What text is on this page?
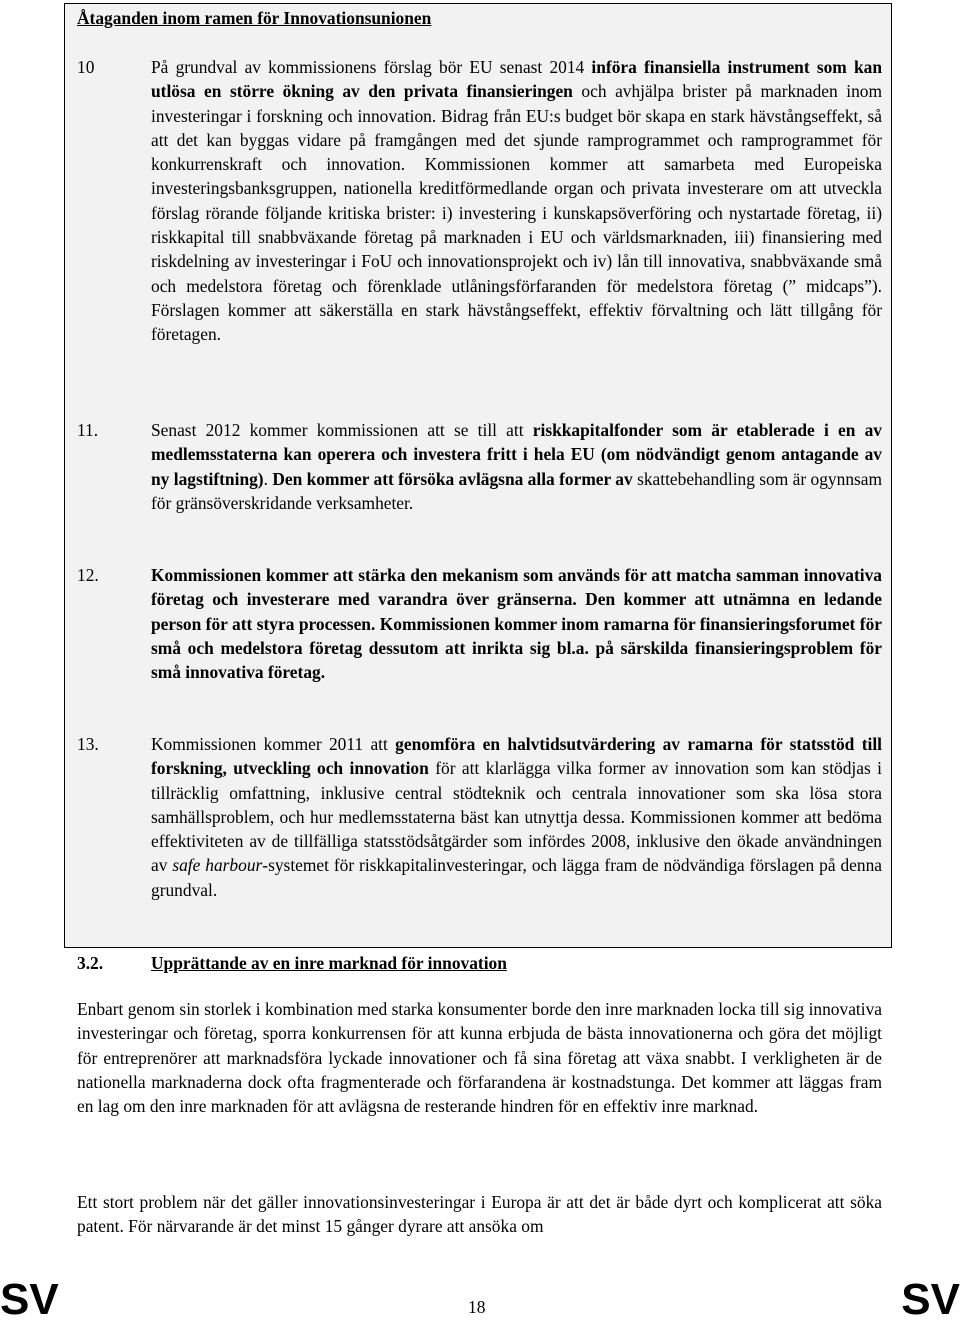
Åtaganden inom ramen för Innovationsunionen
10	På grundval av kommissionens förslag bör EU senast 2014 införa finansiella instrument som kan utlösa en större ökning av den privata finansieringen och avhjälpa brister på marknaden inom investeringar i forskning och innovation. Bidrag från EU:s budget bör skapa en stark hävstångseffekt, så att det kan byggas vidare på framgången med det sjunde ramprogrammet och ramprogrammet för konkurrenskraft och innovation. Kommissionen kommer att samarbeta med Europeiska investeringsbanksgruppen, nationella kreditförmedlande organ och privata investerare om att utveckla förslag rörande följande kritiska brister: i) investering i kunskapsöverföring och nystartade företag, ii) riskkapital till snabbväxande företag på marknaden i EU och världsmarknaden, iii) finansiering med riskdelning av investeringar i FoU och innovationsprojekt och iv) lån till innovativa, snabbväxande små och medelstora företag och förenklade utlåningsförfaranden för medelstora företag (” midcaps”). Förslagen kommer att säkerställa en stark hävstångseffekt, effektiv förvaltning och lätt tillgång för företagen.
11.	Senast 2012 kommer kommissionen att se till att riskkapitalfonder som är etablerade i en av medlemsstaterna kan operera och investera fritt i hela EU (om nödvändigt genom antagande av ny lagstiftning). Den kommer att försöka avlägsna alla former av skattebehandling som är ogynnsam för gränsöverskridande verksamheter.
12.	Kommissionen kommer att stärka den mekanism som används för att matcha samman innovativa företag och investerare med varandra över gränserna. Den kommer att utnämna en ledande person för att styra processen. Kommissionen kommer inom ramarna för finansieringsforumet för små och medelstora företag dessutom att inrikta sig bl.a. på särskilda finansieringsproblem för små innovativa företag.
13.	Kommissionen kommer 2011 att genomföra en halvtidsutvärdering av ramarna för statsstöd till forskning, utveckling och innovation för att klarlägga vilka former av innovation som kan stödjas i tillräcklig omfattning, inklusive central stödteknik och centrala innovationer som ska lösa stora samhällsproblem, och hur medlemsstaterna bäst kan utnyttja dessa. Kommissionen kommer att bedöma effektiviteten av de tillfälliga statsstödsåtgärder som infördes 2008, inklusive den ökade användningen av safe harbour-systemet för riskkapitalinvesteringar, och lägga fram de nödvändiga förslagen på denna grundval.
3.2.	Upprättande av en inre marknad för innovation
Enbart genom sin storlek i kombination med starka konsumenter borde den inre marknaden locka till sig innovativa investeringar och företag, sporra konkurrensen för att kunna erbjuda de bästa innovationerna och göra det möjligt för entreprenörer att marknadsföra lyckade innovationer och få sina företag att växa snabbt. I verkligheten är de nationella marknaderna dock ofta fragmenterade och förfarandena är kostnadstunga. Det kommer att läggas fram en lag om den inre marknaden för att avlägsna de resterande hindren för en effektiv inre marknad.
Ett stort problem när det gäller innovationsinvesteringar i Europa är att det är både dyrt och komplicerat att söka patent. För närvarande är det minst 15 gånger dyrare att ansöka om
SV	18	SV
